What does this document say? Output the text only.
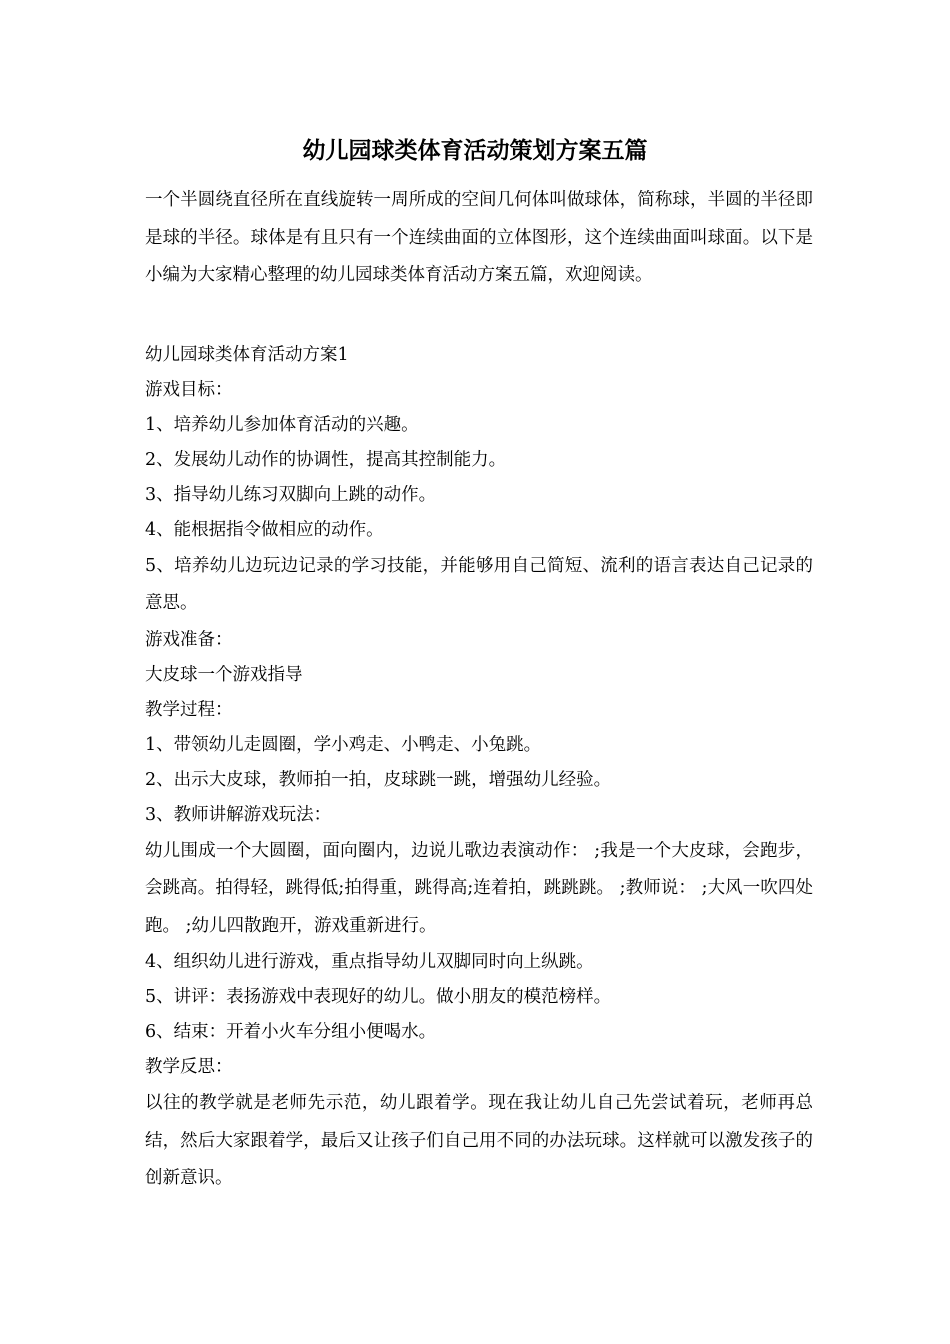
幼儿园球类体育活动策划方案五篇

一个半圆绕直径所在直线旋转一周所成的空间几何体叫做球体，简称球，半圆的半径即是球的半径。球体是有且只有一个连续曲面的立体图形，这个连续曲面叫球面。以下是小编为大家精心整理的幼儿园球类体育活动方案五篇，欢迎阅读。

幼儿园球类体育活动方案1

游戏目标：

1、培养幼儿参加体育活动的兴趣。

2、发展幼儿动作的协调性，提高其控制能力。

3、指导幼儿练习双脚向上跳的动作。

4、能根据指令做相应的动作。

5、培养幼儿边玩边记录的学习技能，并能够用自己简短、流利的语言表达自己记录的意思。

游戏准备：

大皮球一个游戏指导

教学过程：

1、带领幼儿走圆圈，学小鸡走、小鸭走、小兔跳。

2、出示大皮球，教师拍一拍，皮球跳一跳，增强幼儿经验。

3、教师讲解游戏玩法：

幼儿围成一个大圆圈，面向圈内，边说儿歌边表演动作： ;我是一个大皮球，会跑步，会跳高。拍得轻，跳得低;拍得重，跳得高;连着拍，跳跳跳。 ;教师说： ;大风一吹四处跑。 ;幼儿四散跑开，游戏重新进行。

4、组织幼儿进行游戏，重点指导幼儿双脚同时向上纵跳。

5、讲评：表扬游戏中表现好的幼儿。做小朋友的模范榜样。

6、结束：开着小火车分组小便喝水。

教学反思：

以往的教学就是老师先示范，幼儿跟着学。现在我让幼儿自己先尝试着玩，老师再总结，然后大家跟着学，最后又让孩子们自己用不同的办法玩球。这样就可以激发孩子的创新意识。
